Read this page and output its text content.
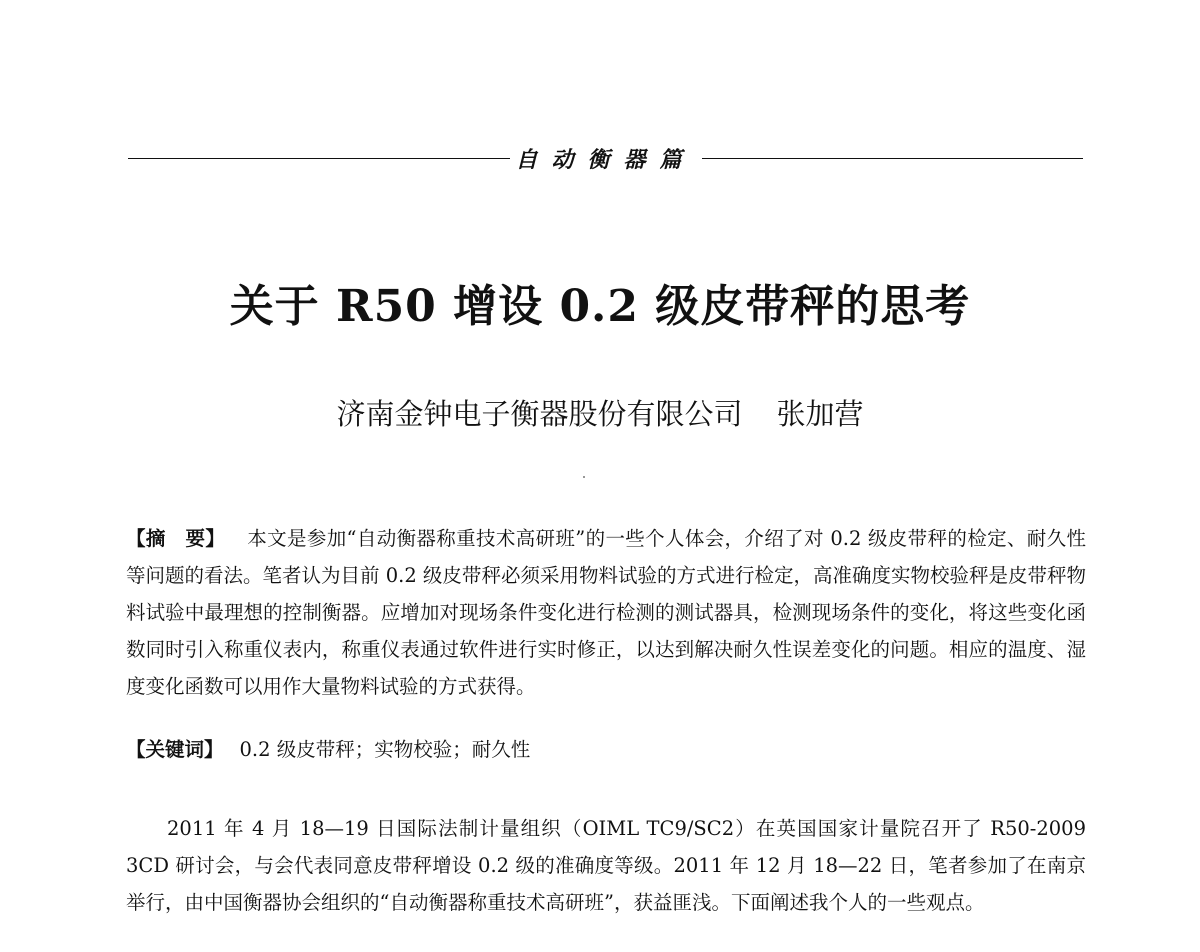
自动衡器篇
关于 R50 增设 0.2 级皮带秤的思考
济南金钟电子衡器股份有限公司 张加营

【摘　要】 本文是参加“自动衡器称重技术高研班”的一些个人体会，介绍了对 0.2 级皮带秤的检定、耐久性等问题的看法。笔者认为目前 0.2 级皮带秤必须采用物料试验的方式进行检定，高准确度实物校验秤是皮带秤物料试验中最理想的控制衡器。应增加对现场条件变化进行检测的测试器具，检测现场条件的变化，将这些变化函数同时引入称重仪表内，称重仪表通过软件进行实时修正，以达到解决耐久性误差变化的问题。相应的温度、湿度变化函数可以用作大量物料试验的方式获得。

【关键词】 0.2 级皮带秤；实物校验；耐久性

2011 年 4 月 18—19 日国际法制计量组织（OIML TC9/SC2）在英国国家计量院召开了 R50-2009 3CD 研讨会，与会代表同意皮带秤增设 0.2 级的准确度等级。2011 年 12 月 18—22 日，笔者参加了在南京举行，由中国衡器协会组织的“自动衡器称重技术高研班”，获益匪浅。下面阐述我个人的一些观点。
